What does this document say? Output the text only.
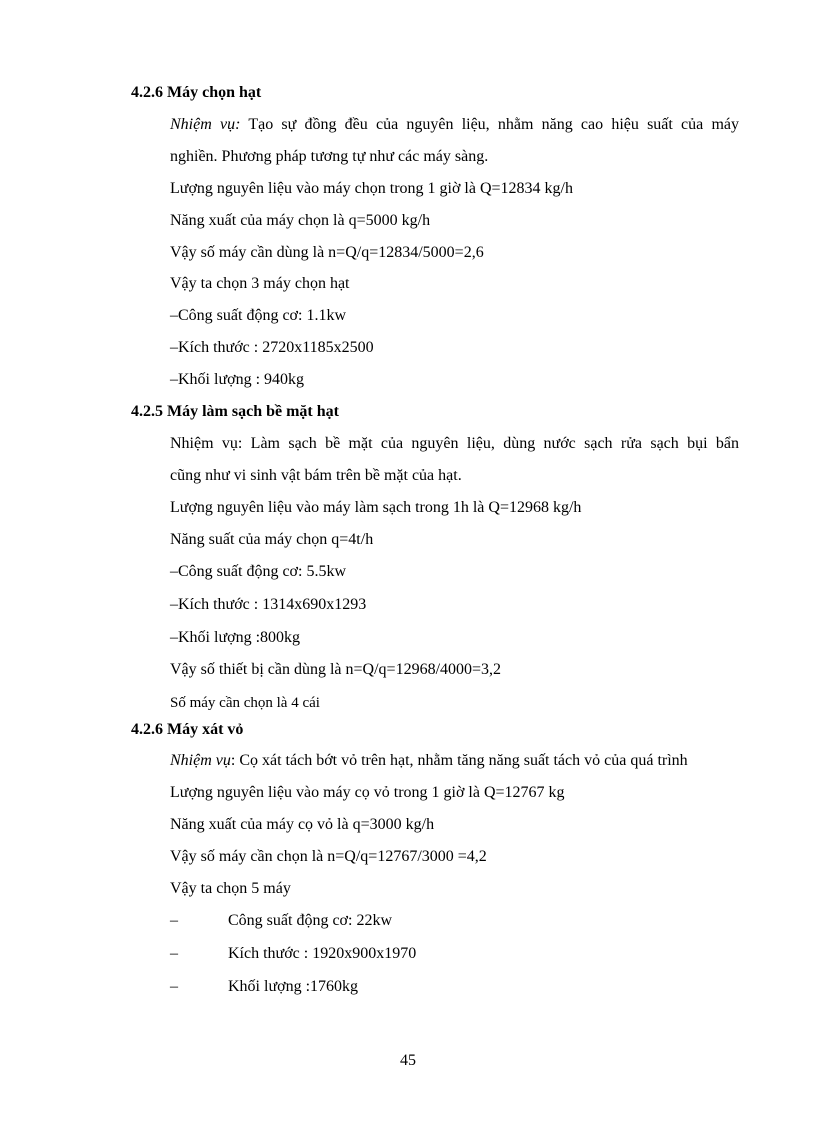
4.2.6 Máy chọn hạt
Nhiệm vụ: Tạo sự đồng đều của nguyên liệu, nhằm năng cao hiệu suất của máy
nghiền. Phương pháp tương tự như các máy sàng.
Lượng nguyên liệu vào máy chọn trong 1 giờ là Q=12834 kg/h
Năng xuất của máy chọn là q=5000 kg/h
Vậy số máy cần dùng là n=Q/q=12834/5000=2,6
Vậy ta chọn 3 máy chọn hạt
–Công suất động cơ: 1.1kw
–Kích thước : 2720x1185x2500
–Khối lượng : 940kg
4.2.5 Máy làm sạch bề mặt hạt
Nhiệm vụ: Làm sạch bề mặt của nguyên liệu, dùng nước sạch rửa sạch bụi bẩn
cũng như vi sinh vật bám trên bề mặt của hạt.
Lượng nguyên liệu vào máy làm sạch trong 1h là Q=12968 kg/h
Năng suất của máy chọn q=4t/h
–Công suất động cơ: 5.5kw
–Kích thước : 1314x690x1293
–Khối lượng :800kg
Vậy số thiết bị cần dùng là n=Q/q=12968/4000=3,2
Số máy cần chọn là 4 cái
4.2.6 Máy xát vỏ
Nhiệm vụ: Cọ xát tách bớt vỏ trên hạt, nhằm tăng năng suất tách vỏ của quá trình
Lượng nguyên liệu vào máy cọ vỏ trong 1 giờ là Q=12767 kg
Năng xuất của máy cọ vỏ là q=3000 kg/h
Vậy số máy cần chọn là n=Q/q=12767/3000 =4,2
Vậy ta chọn 5 máy
–	Công suất động cơ: 22kw
–	Kích thước : 1920x900x1970
–	Khối lượng :1760kg
45
